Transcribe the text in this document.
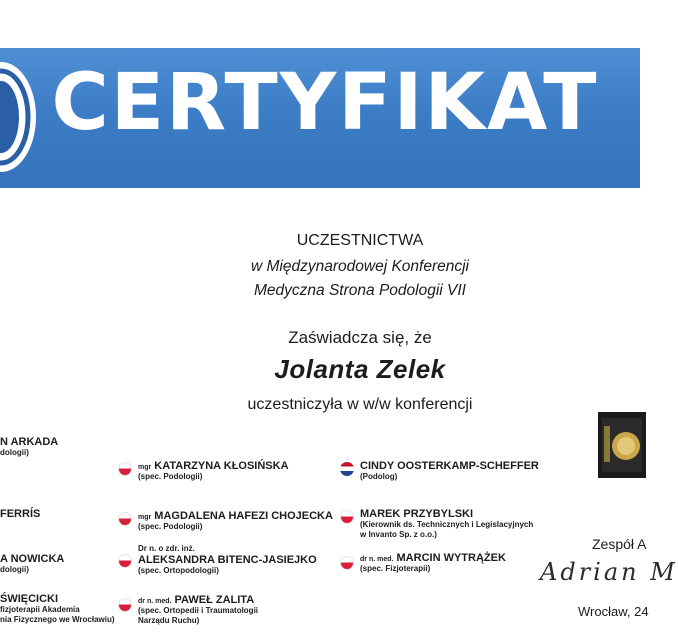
CERTYFIKAT
UCZESTNICTWA
w Międzynarodowej Konferencji
Medyczna Strona Podologii VII
Zaświadcza się, że
Jolanta Zelek
uczestniczyła w w/w konferencji
N ARKADA
dologii)
FERRÍS
A NOWICKA
dologii)
ŚWIĘCICKI
fizjoterapii Akademia
nia Fizycznego we Wrocławiu)
mgr KATARZYNA KŁOSIŃSKA
(spec. Podologii)
mgr MAGDALENA HAFEZI CHOJECKA
(spec. Podologii)
Dr n. o zdr. inż.
ALEKSANDRA BITENC-JASIEJKO
(spec. Ortopodologii)
dr n. med. PAWEŁ ZALITA
(spec. Ortopedii i Traumatologii
Narządu Ruchu)
CINDY OOSTERKAMP-SCHEFFER
(Podolog)
MAREK PRZYBYLSKI
(Kierownik ds. Technicznych i Legislacyjnych
w Invanto Sp. z o.o.)
dr n. med. MARCIN WYTRĄŻEK
(spec. Fizjoterapii)
Zespół A
Adrian M
Wrocław, 24
